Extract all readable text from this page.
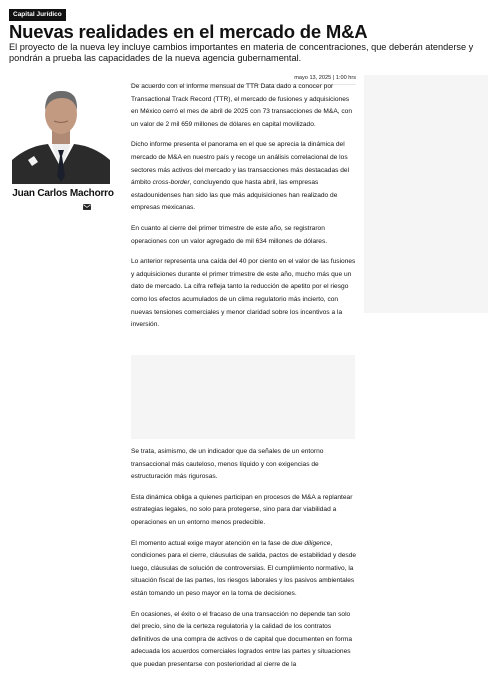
Capital Jurídico
Nuevas realidades en el mercado de M&A

El proyecto de la nueva ley incluye cambios importantes en materia de concentraciones, que deberán atenderse y pondrán a prueba las capacidades de la nueva agencia gubernamental.

Juan Carlos Machorro
mayo 13, 2025 | 1:00 hrs

De acuerdo con el informe mensual de TTR Data dado a conocer por Transactional Track Record (TTR), el mercado de fusiones y adquisiciones en México cerró el mes de abril de 2025 con 73 transacciones de M&A, con un valor de 2 mil 659 millones de dólares en capital movilizado.

Dicho informe presenta el panorama en el que se aprecia la dinámica del mercado de M&A en nuestro país y recoge un análisis correlacional de los sectores más activos del mercado y las transacciones más destacadas del ámbito cross-border, concluyendo que hasta abril, las empresas estadounidenses han sido las que más adquisiciones han realizado de empresas mexicanas.

En cuanto al cierre del primer trimestre de este año, se registraron operaciones con un valor agregado de mil 634 millones de dólares.

Lo anterior representa una caída del 40 por ciento en el valor de las fusiones y adquisiciones durante el primer trimestre de este año, mucho más que un dato de mercado. La cifra refleja tanto la reducción de apetito por el riesgo como los efectos acumulados de un clima regulatorio más incierto, con nuevas tensiones comerciales y menor claridad sobre los incentivos a la inversión.

Se trata, asimismo, de un indicador que da señales de un entorno transaccional más cauteloso, menos líquido y con exigencias de estructuración más rigurosas.

Esta dinámica obliga a quienes participan en procesos de M&A a replantear estrategias legales, no solo para protegerse, sino para dar viabilidad a operaciones en un entorno menos predecible.

El momento actual exige mayor atención en la fase de due diligence, condiciones para el cierre, cláusulas de salida, pactos de estabilidad y desde luego, cláusulas de solución de controversias. El cumplimiento normativo, la situación fiscal de las partes, los riesgos laborales y los pasivos ambientales están tomando un peso mayor en la toma de decisiones.

En ocasiones, el éxito o el fracaso de una transacción no depende tan solo del precio, sino de la certeza regulatoria y la calidad de los contratos definitivos de una compra de activos o de capital que documenten en forma adecuada los acuerdos comerciales logrados entre las partes y situaciones que puedan presentarse con posterioridad al cierre de la
